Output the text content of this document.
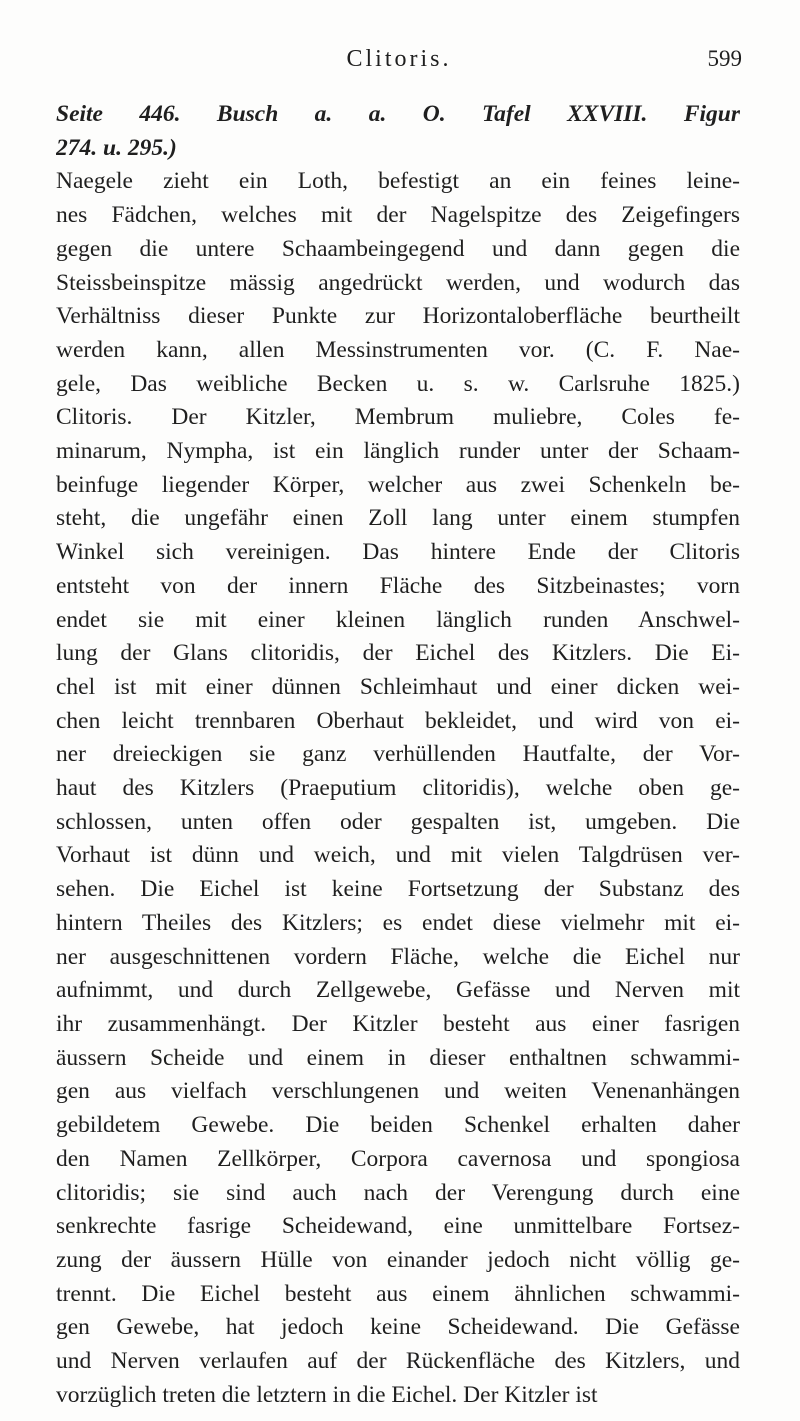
Clitoris.	599
Seite 446. Busch a. a. O. Tafel XXVIII. Figur
274. u. 295.)
Naegele zieht ein Loth, befestigt an ein feines leine-
nes Fädchen, welches mit der Nagelspitze des Zeigefingers
gegen die untere Schaambeingegend und dann gegen die
Steissbeinspitze mässig angedrückt werden, und wodurch das
Verhältniss dieser Punkte zur Horizontaloberfläche beurtheilt
werden kann, allen Messinstrumenten vor. (C. F. Nae-
gele, Das weibliche Becken u. s. w. Carlsruhe 1825.)
Clitoris. Der Kitzler, Membrum muliebre, Coles fe-
minarum, Nympha, ist ein länglich runder unter der Schaam-
beinfuge liegender Körper, welcher aus zwei Schenkeln be-
steht, die ungefähr einen Zoll lang unter einem stumpfen
Winkel sich vereinigen. Das hintere Ende der Clitoris
entsteht von der innern Fläche des Sitzbeinastes; vorn
endet sie mit einer kleinen länglich runden Anschwel-
lung der Glans clitoridis, der Eichel des Kitzlers. Die Ei-
chel ist mit einer dünnen Schleimhaut und einer dicken wei-
chen leicht trennbaren Oberhaut bekleidet, und wird von ei-
ner dreieckigen sie ganz verhüllenden Hautfalte, der Vor-
haut des Kitzlers (Praeputium clitoridis), welche oben ge-
schlossen, unten offen oder gespalten ist, umgeben. Die
Vorhaut ist dünn und weich, und mit vielen Talgdrüsen ver-
sehen. Die Eichel ist keine Fortsetzung der Substanz des
hintern Theiles des Kitzlers; es endet diese vielmehr mit ei-
ner ausgeschnittenen vordern Fläche, welche die Eichel nur
aufnimmt, und durch Zellgewebe, Gefässe und Nerven mit
ihr zusammenhängt. Der Kitzler besteht aus einer fasrigen
äussern Scheide und einem in dieser enthaltnen schwammi-
gen aus vielfach verschlungenen und weiten Venenanhängen
gebildetem Gewebe. Die beiden Schenkel erhalten daher
den Namen Zellkörper, Corpora cavernosa und spongiosa
clitoridis; sie sind auch nach der Verengung durch eine
senkrechte fasrige Scheidewand, eine unmittelbare Fortsez-
zung der äussern Hülle von einander jedoch nicht völlig ge-
trennt. Die Eichel besteht aus einem ähnlichen schwammi-
gen Gewebe, hat jedoch keine Scheidewand. Die Gefässe
und Nerven verlaufen auf der Rückenfläche des Kitzlers, und
vorzüglich treten die letztern in die Eichel. Der Kitzler ist
